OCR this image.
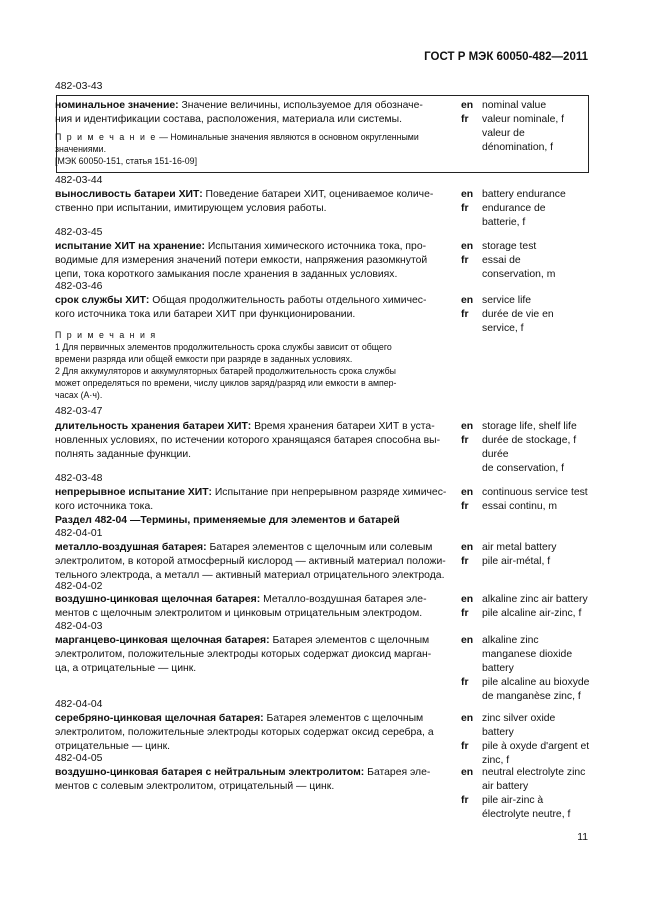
ГОСТ Р МЭК 60050-482—2011
482-03-43
номинальное значение: Значение величины, используемое для обозначе-
ния и идентификации состава, расположения, материала или системы.
П р и м е ч а н и е — Номинальные значения являются в основном округленными
значениями.
[МЭК 60050-151, статья 151-16-09]
en nominal value
fr valeur nominale, f
valeur de
dénomination, f
482-03-44
выносливость батареи ХИТ: Поведение батареи ХИТ, оцениваемое количе-
ственно при испытании, имитирующем условия работы.
en battery endurance
fr endurance de
batterie, f
482-03-45
испытание ХИТ на хранение: Испытания химического источника тока, про-
водимые для измерения значений потери емкости, напряжения разомкнутой
цепи, тока короткого замыкания после хранения в заданных условиях.
en storage test
fr essai de
conservation, m
482-03-46
срок службы ХИТ: Общая продолжительность работы отдельного химичес-
кого источника тока или батареи ХИТ при функционировании.
П р и м е ч а н и я
1 Для первичных элементов продолжительность срока службы зависит от общего
времени разряда или общей емкости при разряде в заданных условиях.
2 Для аккумуляторов и аккумуляторных батарей продолжительность срока службы
может определяться по времени, числу циклов заряд/разряд или емкости в ампер-
часах (А·ч).
en service life
fr durée de vie en
service, f
482-03-47
длительность хранения батареи ХИТ: Время хранения батареи ХИТ в уста-
новленных условиях, по истечении которого хранящаяся батарея способна вы-
полнять заданные функции.
en storage life, shelf life
fr durée de stockage, f
durée
de conservation, f
482-03-48
непрерывное испытание ХИТ: Испытание при непрерывном разряде химичес-
кого источника тока.
en continuous service test
fr essai continu, m
Раздел 482-04 —Термины, применяемые для элементов и батарей
482-04-01
металло-воздушная батарея: Батарея элементов с щелочным или солевым
электролитом, в которой атмосферный кислород — активный материал положи-
тельного электрода, а металл — активный материал отрицательного электрода.
en air metal battery
fr pile air-métal, f
482-04-02
воздушно-цинковая щелочная батарея: Металло-воздушная батарея эле-
ментов с щелочным электролитом и цинковым отрицательным электродом.
en alkaline zinc air battery
fr pile alcaline air-zinc, f
482-04-03
марганцево-цинковая щелочная батарея: Батарея элементов с щелочным
электролитом, положительные электроды которых содержат диоксид марган-
ца, а отрицательные — цинк.
en alkaline zinc
manganese dioxide
battery
fr pile alcaline au bioxyde
de manganèse zinc, f
482-04-04
серебряно-цинковая щелочная батарея: Батарея элементов с щелочным
электролитом, положительные электроды которых содержат оксид серебра, а
отрицательные — цинк.
en zinc silver oxide
battery
fr pile à oxyde d'argent et
zinc, f
482-04-05
воздушно-цинковая батарея с нейтральным электролитом: Батарея эле-
ментов с солевым электролитом, отрицательный — цинк.
en neutral electrolyte zinc
air battery
fr pile air-zinc à
électrolyte neutre, f
11
